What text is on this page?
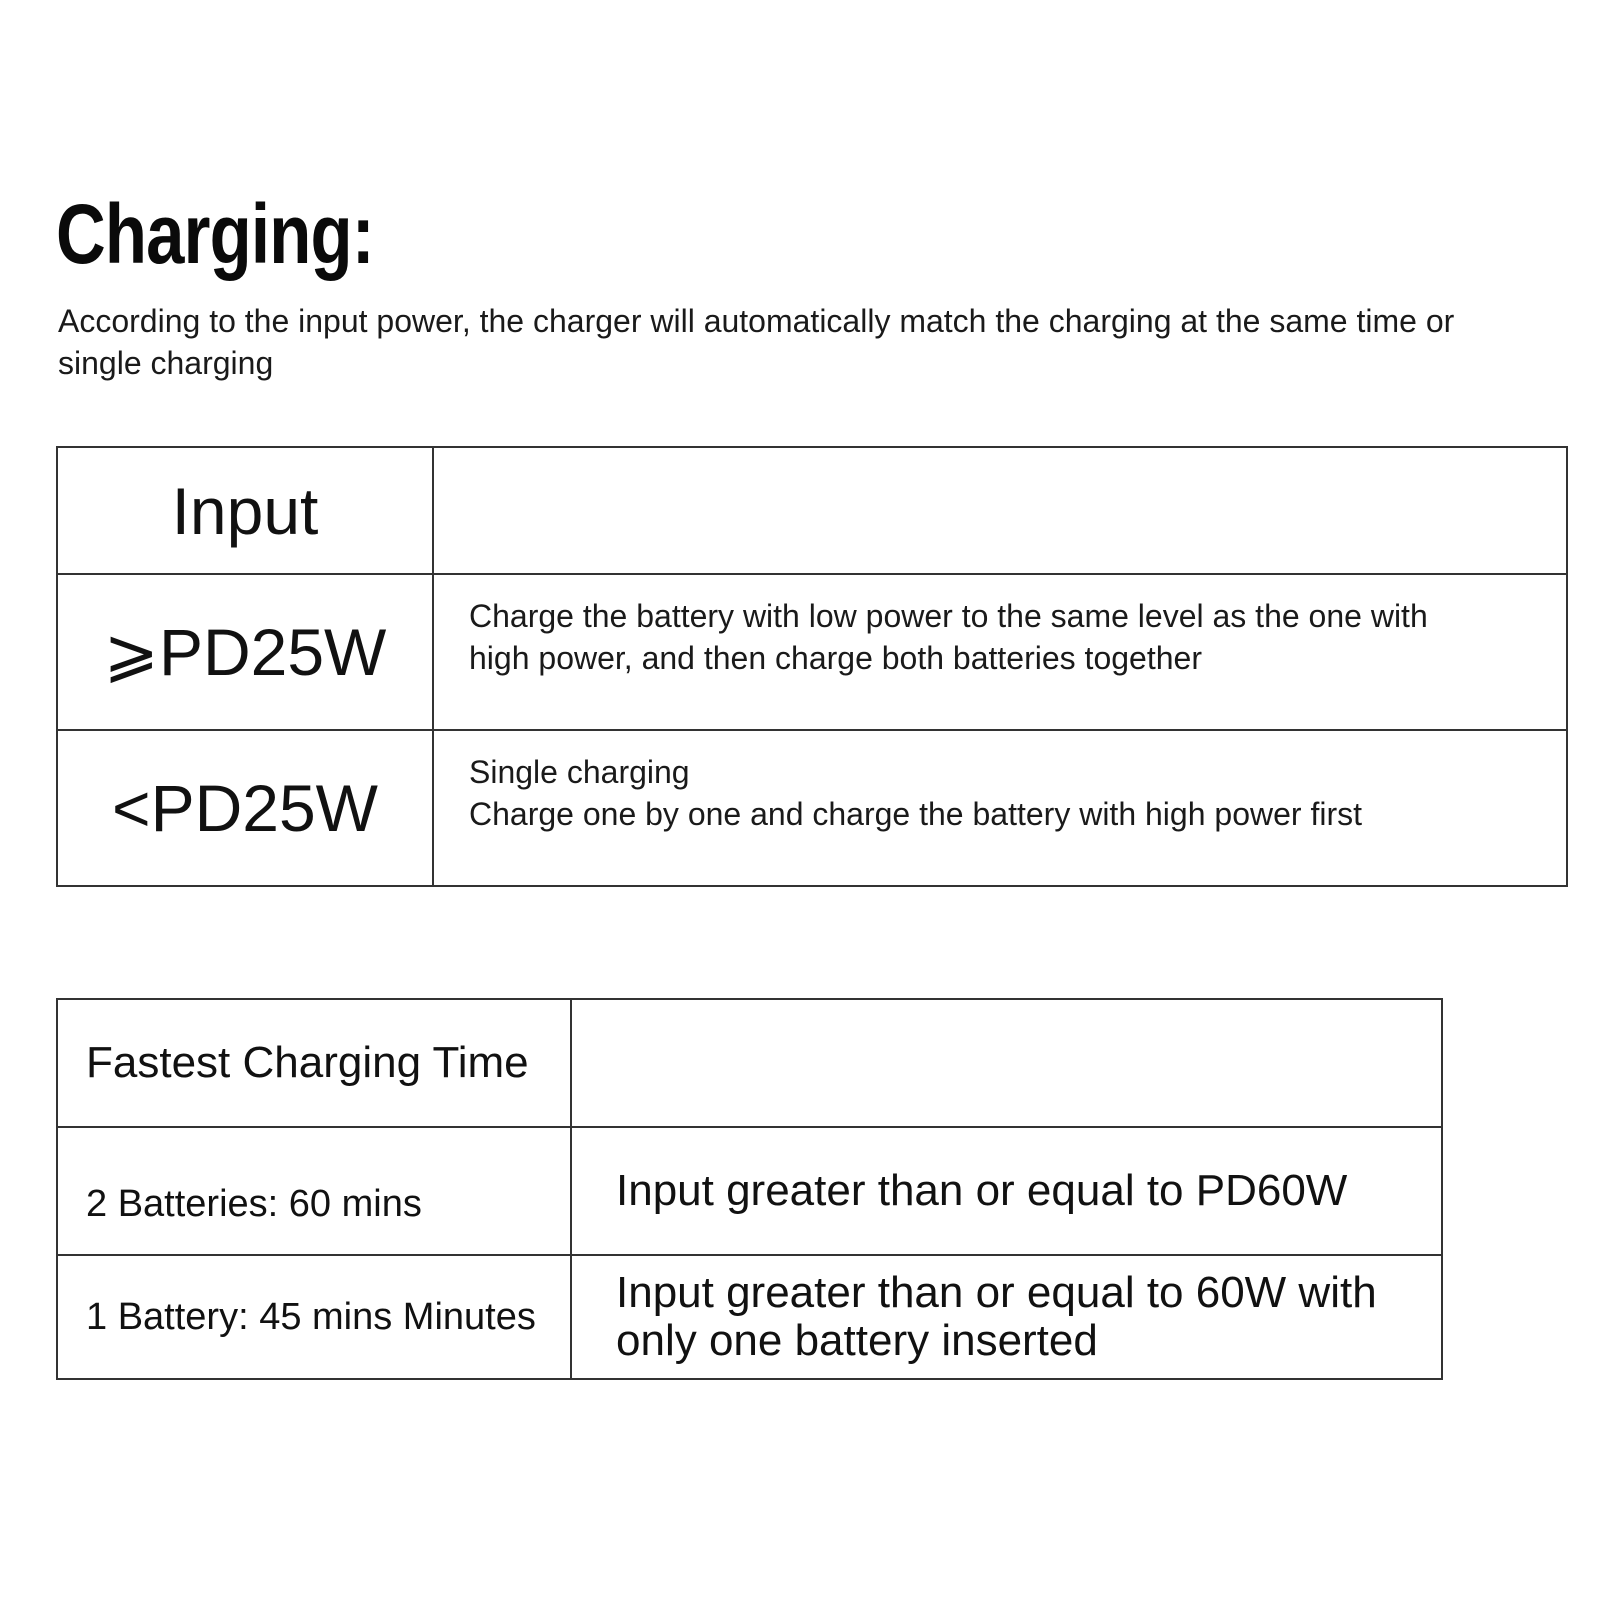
Charging:
According to the input power, the charger will automatically match the charging at the same time or single charging
Input	
⩾PD25W	Charge the battery with low power to the same level as the one with
high power, and then charge both batteries together

<PD25W	Single charging
Charge one by one and charge the battery with high power first
Fastest Charging Time	
2 Batteries: 60 mins	Input greater than or equal to PD60W
1 Battery: 45 mins Minutes	Input greater than or equal to 60W with only one battery inserted
